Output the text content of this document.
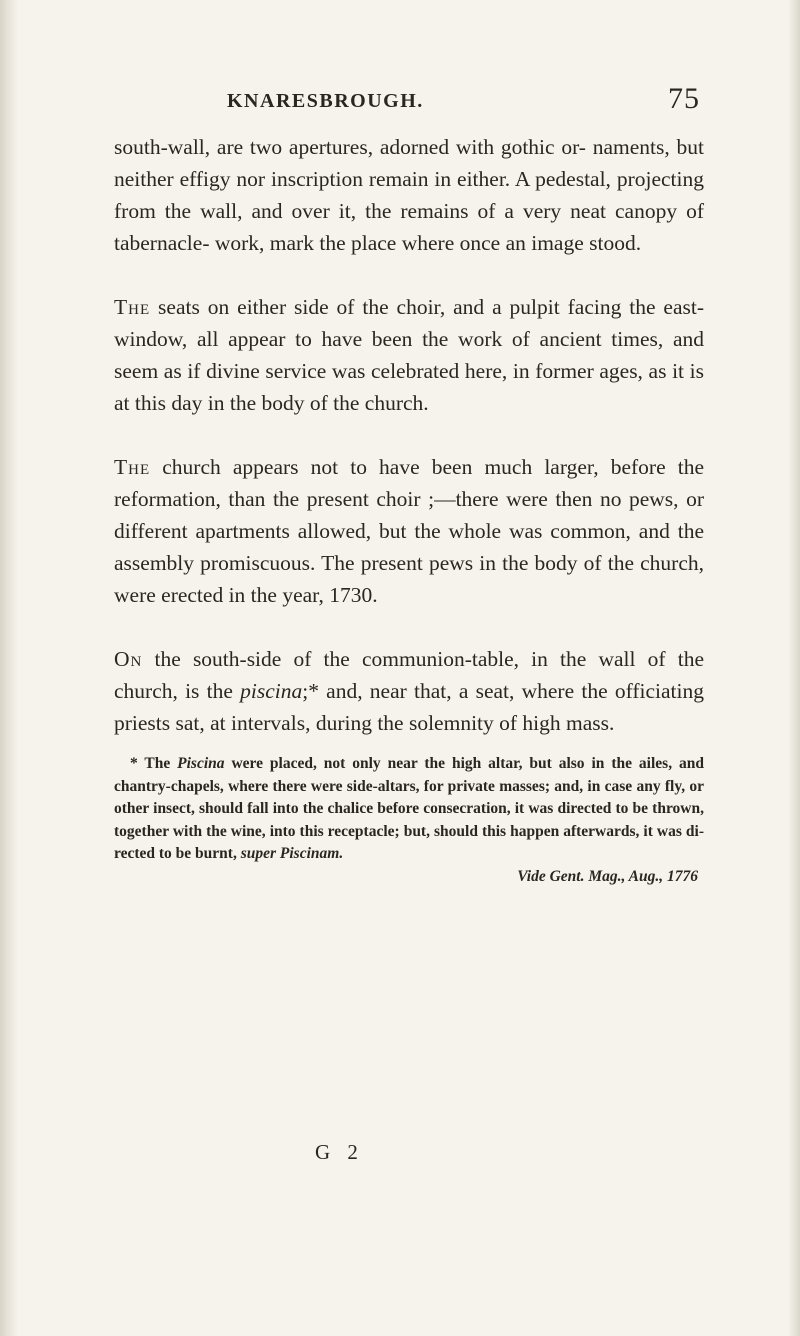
KNARESBROUGH.	75

south-wall, are two apertures, adorned with gothic or- naments, but neither effigy nor inscription remain in either. A pedestal, projecting from the wall, and over it, the remains of a very neat canopy of tabernacle- work, mark the place where once an image stood.

The seats on either side of the choir, and a pulpit facing the east-window, all appear to have been the work of ancient times, and seem as if divine service was celebrated here, in former ages, as it is at this day in the body of the church.

The church appears not to have been much larger, before the reformation, than the present choir ;—there were then no pews, or different apartments allowed, but the whole was common, and the assembly promiscuous. The present pews in the body of the church, were erected in the year, 1730.

On the south-side of the communion-table, in the wall of the church, is the piscina;* and, near that, a seat, where the officiating priests sat, at intervals, during the solemnity of high mass.

* The Piscina were placed, not only near the high altar, but also in the ailes, and chantry-chapels, where there were side-altars, for private masses; and, in case any fly, or other insect, should fall into the chalice before consecration, it was directed to be thrown, together with the wine, into this receptacle; but, should this happen afterwards, it was di- rected to be burnt, super Piscinam.

Vide Gent. Mag., Aug., 1776
G 2
